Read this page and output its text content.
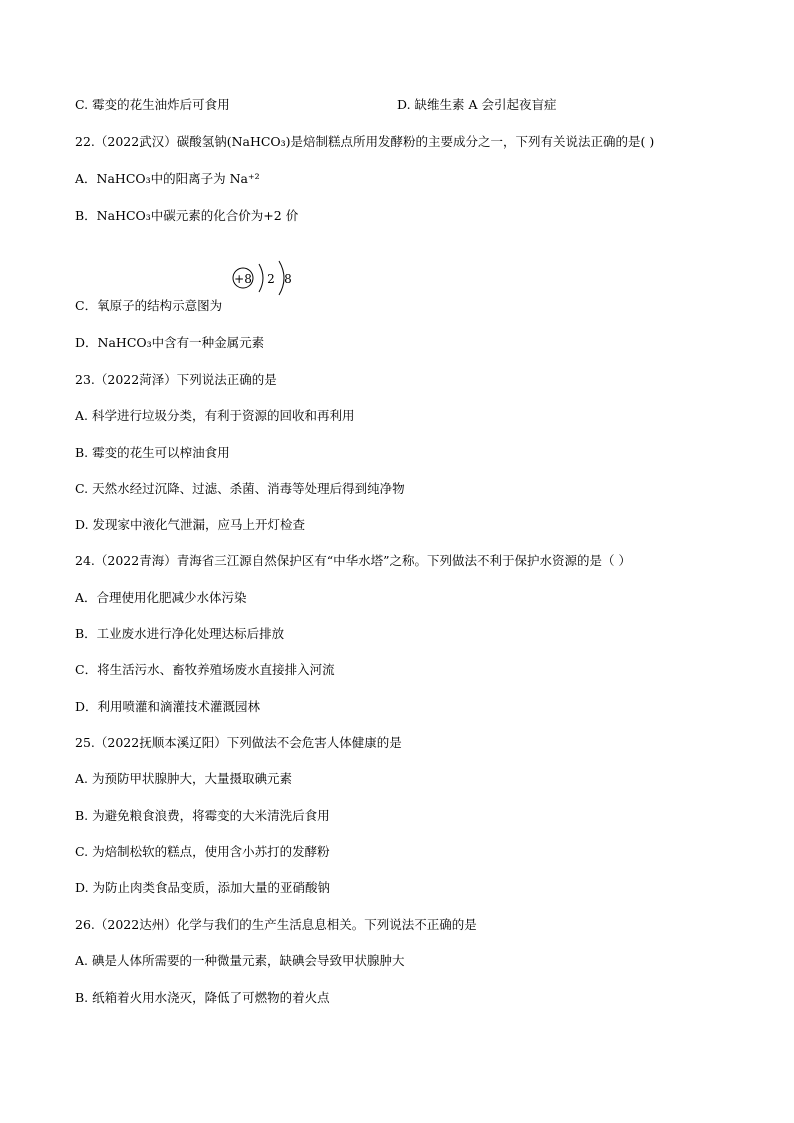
C. 霉变的花生油炸后可食用	D. 缺维生素 A 会引起夜盲症
22.（2022武汉）碳酸氢钠(NaHCO₃)是焙制糕点所用发酵粉的主要成分之一，下列有关说法正确的是( )
A．NaHCO₃中的阳离子为 Na⁺²
B．NaHCO₃中碳元素的化合价为+2 价
+8 2 8
C．氧原子的结构示意图为
D．NaHCO₃中含有一种金属元素
23.（2022菏泽）下列说法正确的是
A. 科学进行垃圾分类，有利于资源的回收和再利用
B. 霉变的花生可以榨油食用
C. 天然水经过沉降、过滤、杀菌、消毒等处理后得到纯净物
D. 发现家中液化气泄漏，应马上开灯检查
24.（2022青海）青海省三江源自然保护区有“中华水塔”之称。下列做法不利于保护水资源的是（ ）
A．合理使用化肥减少水体污染
B．工业废水进行净化处理达标后排放
C．将生活污水、畜牧养殖场废水直接排入河流
D．利用喷灌和滴灌技术灌溉园林
25.（2022抚顺本溪辽阳）下列做法不会危害人体健康的是
A. 为预防甲状腺肿大，大量摄取碘元素
B. 为避免粮食浪费，将霉变的大米清洗后食用
C. 为焙制松软的糕点，使用含小苏打的发酵粉
D. 为防止肉类食品变质，添加大量的亚硝酸钠
26.（2022达州）化学与我们的生产生活息息相关。下列说法不正确的是
A. 碘是人体所需要的一种微量元素，缺碘会导致甲状腺肿大
B. 纸箱着火用水浇灭，降低了可燃物的着火点
